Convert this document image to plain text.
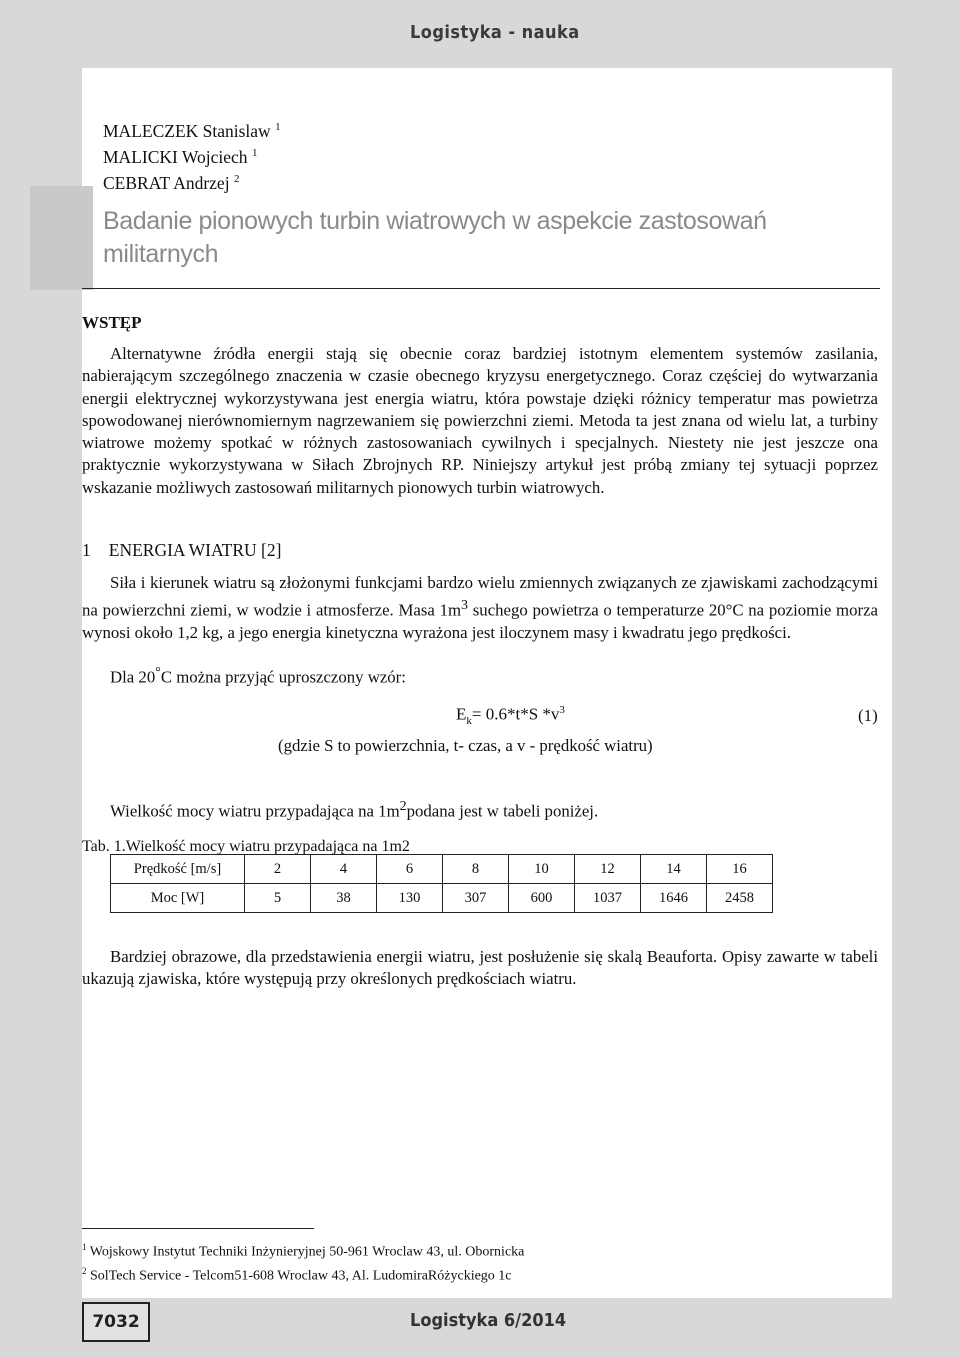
Logistyka - nauka
MALECZEK Stanislaw $^1$
MALICKI Wojciech $^1$
CEBRAT Andrzej $^2$
Badanie pionowych turbin wiatrowych w aspekcie zastosowań militarnych
WSTĘP
Alternatywne źródła energii stają się obecnie coraz bardziej istotnym elementem systemów zasilania, nabierającym szczególnego znaczenia w czasie obecnego kryzysu energetycznego. Coraz częściej do wytwarzania energii elektrycznej wykorzystywana jest energia wiatru, która powstaje dzięki różnicy temperatur mas powietrza spowodowanej nierównomiernym nagrzewaniem się powierzchni ziemi. Metoda ta jest znana od wielu lat, a turbiny wiatrowe możemy spotkać w różnych zastosowaniach cywilnych i specjalnych. Niestety nie jest jeszcze ona praktycznie wykorzystywana w Siłach Zbrojnych RP. Niniejszy artykuł jest próbą zmiany tej sytuacji poprzez wskazanie możliwych zastosowań militarnych pionowych turbin wiatrowych.
1 ENERGIA WIATRU [2]
Siła i kierunek wiatru są złożonymi funkcjami bardzo wielu zmiennych związanych ze zjawiskami zachodzącymi na powierzchni ziemi, w wodzie i atmosferze. Masa $1m^3$ suchego powietrza o temperaturze 20°C na poziomie morza wynosi około 1,2 kg, a jego energia kinetyczna wyrażona jest iloczynem masy i kwadratu jego prędkości.
Dla 20°C można przyjąć uproszczony wzór:
$E_k= 0.6*t*S$ $*v^3$	(1)
(gdzie S to powierzchnia, t- czas, a v - prędkość wiatru)
Wielkość mocy wiatru przypadająca na $1m^2podana$ jest w tabeli poniżej.
Tab. 1.Wielkość mocy wiatru przypadająca na 1m2
Prędkość [m/s]	2	4	6	8	10	12	14	16
Moc [W]	5	38	130	307	600	1037	1646	2458
Bardziej obrazowe, dla przedstawienia energii wiatru, jest posłużenie się skalą Beauforta. Opisy zawarte w tabeli ukazują zjawiska, które występują przy określonych prędkościach wiatru.
$^1$ Wojskowy Instytut Techniki Inżynieryjnej 50-961 Wroclaw 43, ul. Obornicka
$^2$ SolTech Service - Telcom51-608 Wroclaw 43, Al. LudomiraRóżyckiego 1c
7032	Logistyka 6/2014
